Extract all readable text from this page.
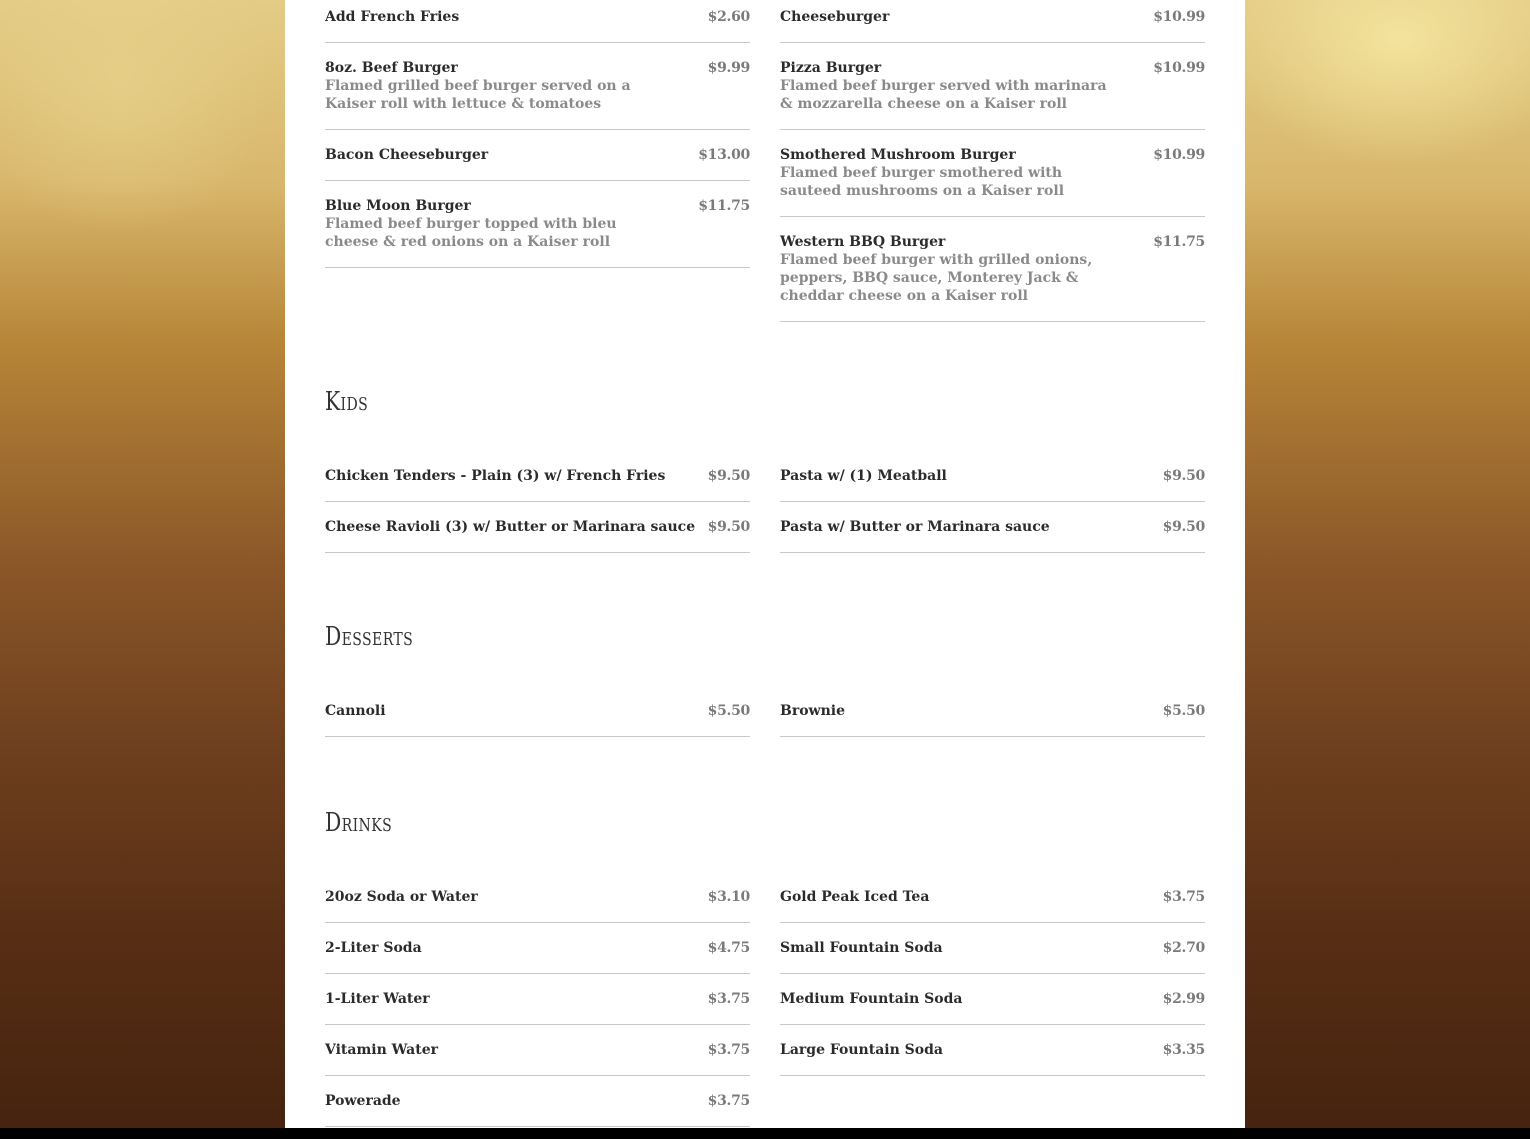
Add French Fries	$2.60
8oz. Beef Burger	$9.99
Flamed grilled beef burger served on a Kaiser roll with lettuce & tomatoes
Bacon Cheeseburger	$13.00
Blue Moon Burger	$11.75
Flamed beef burger topped with bleu cheese & red onions on a Kaiser roll
Cheeseburger	$10.99
Pizza Burger	$10.99
Flamed beef burger served with marinara & mozzarella cheese on a Kaiser roll
Smothered Mushroom Burger	$10.99
Flamed beef burger smothered with sauteed mushrooms on a Kaiser roll
Western BBQ Burger	$11.75
Flamed beef burger with grilled onions, peppers, BBQ sauce, Monterey Jack & cheddar cheese on a Kaiser roll
Kids
Chicken Tenders - Plain (3) w/ French Fries	$9.50
Cheese Ravioli (3) w/ Butter or Marinara sauce $9.50
Pasta w/ (1) Meatball	$9.50
Pasta w/ Butter or Marinara sauce	$9.50
Desserts
Cannoli	$5.50 Brownie	$5.50
Drinks
20oz Soda or Water	$3.10
2-Liter Soda	$4.75
1-Liter Water	$3.75
Vitamin Water	$3.75
Powerade	$3.75
Gold Peak Iced Tea	$3.75
Small Fountain Soda	$2.70
Medium Fountain Soda	$2.99
Large Fountain Soda	$3.35
